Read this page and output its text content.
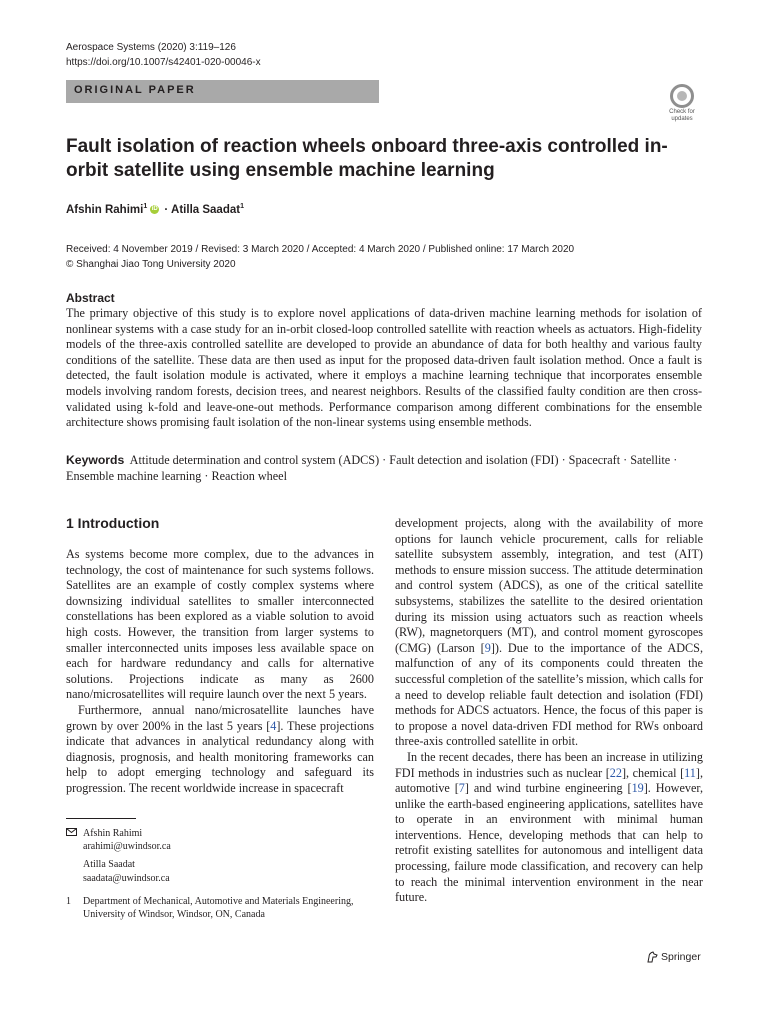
Aerospace Systems (2020) 3:119–126
https://doi.org/10.1007/s42401-020-00046-x
ORIGINAL PAPER
Check for
updates
Fault isolation of reaction wheels onboard three-axis controlled in-orbit satellite using ensemble machine learning
Afshin Rahimi$^1$ iD · Atilla Saadat$^1$
Received: 4 November 2019 / Revised: 3 March 2020 / Accepted: 4 March 2020 / Published online: 17 March 2020
© Shanghai Jiao Tong University 2020
Abstract

The primary objective of this study is to explore novel applications of data-driven machine learning methods for isolation of nonlinear systems with a case study for an in-orbit closed-loop controlled satellite with reaction wheels as actuators. High-fidelity models of the three-axis controlled satellite are developed to provide an abundance of data for both healthy and various faulty conditions of the satellite. These data are then used as input for the proposed data-driven fault isolation method. Once a fault is detected, the fault isolation module is activated, where it employs a machine learning technique that incorporates ensemble models involving random forests, decision trees, and nearest neighbors. Results of the classified faulty condition are then cross-validated using k-fold and leave-one-out methods. Performance comparison among different combinations for the ensemble architecture shows promising fault isolation of the non-linear systems using ensemble methods.

Keywords Attitude determination and control system (ADCS) · Fault detection and isolation (FDI) · Spacecraft · Satellite · Ensemble machine learning · Reaction wheel
1 Introduction

As systems become more complex, due to the advances in technology, the cost of maintenance for such systems follows. Satellites are an example of costly complex systems where downsizing individual satellites to smaller interconnected constellations has been explored as a viable solution to avoid high costs. However, the transition from larger systems to smaller interconnected units imposes less available space on each for hardware redundancy and calls for alternative solutions. Projections indicate as many as 2600 nano/microsatellites will require launch over the next 5 years.

Furthermore, annual nano/microsatellite launches have grown by over 200% in the last 5 years [4]. These projections indicate that advances in analytical redundancy along with diagnosis, prognosis, and health monitoring frameworks can help to adopt emerging technology and safeguard its progression. The recent worldwide increase in spacecraft

development projects, along with the availability of more options for launch vehicle procurement, calls for reliable satellite subsystem assembly, integration, and test (AIT) methods to ensure mission success. The attitude determination and control system (ADCS), as one of the critical satellite subsystems, stabilizes the satellite to the desired orientation during its mission using actuators such as reaction wheels (RW), magnetorquers (MT), and control moment gyroscopes (CMG) (Larson [9]). Due to the importance of the ADCS, malfunction of any of its components could threaten the successful completion of the satellite’s mission, which calls for a need to develop reliable fault detection and isolation (FDI) methods for ADCS actuators. Hence, the focus of this paper is to propose a novel data-driven FDI method for RWs onboard three-axis controlled satellite in orbit.

In the recent decades, there has been an increase in utilizing FDI methods in industries such as nuclear [22], chemical [11], automotive [7] and wind turbine engineering [19]. However, unlike the earth-based engineering applications, satellites have to operate in an environment with minimal human interventions. Hence, developing methods that can help to retrofit existing satellites for autonomous and intelligent data processing, failure mode classification, and recovery can help to reach the minimal intervention environment in the near future.

Afshin Rahimi
arahimi@uwindsor.ca
Atilla Saadat
saadata@uwindsor.ca
1 Department of Mechanical, Automotive and Materials Engineering, University of Windsor, Windsor, ON, Canada
Springer
